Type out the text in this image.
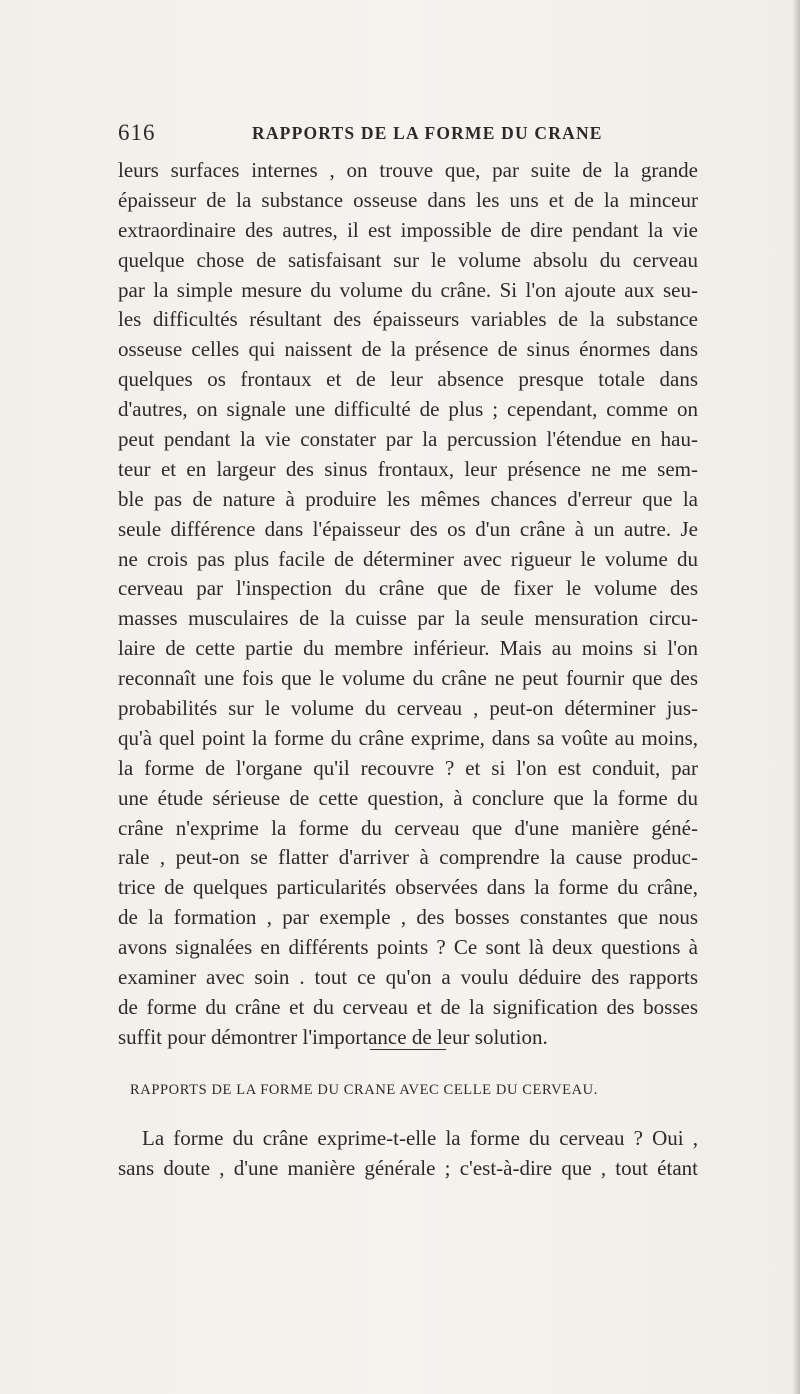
616	RAPPORTS DE LA FORME DU CRANE
leurs surfaces internes , on trouve que, par suite de la grande
épaisseur de la substance osseuse dans les uns et de la minceur
extraordinaire des autres, il est impossible de dire pendant la vie
quelque chose de satisfaisant sur le volume absolu du cerveau
par la simple mesure du volume du crâne. Si l'on ajoute aux seu-
les difficultés résultant des épaisseurs variables de la substance
osseuse celles qui naissent de la présence de sinus énormes dans
quelques os frontaux et de leur absence presque totale dans
d'autres, on signale une difficulté de plus ; cependant, comme on
peut pendant la vie constater par la percussion l'étendue en hau-
teur et en largeur des sinus frontaux, leur présence ne me sem-
ble pas de nature à produire les mêmes chances d'erreur que la
seule différence dans l'épaisseur des os d'un crâne à un autre. Je
ne crois pas plus facile de déterminer avec rigueur le volume du
cerveau par l'inspection du crâne que de fixer le volume des
masses musculaires de la cuisse par la seule mensuration circu-
laire de cette partie du membre inférieur. Mais au moins si l'on
reconnaît une fois que le volume du crâne ne peut fournir que des
probabilités sur le volume du cerveau , peut-on déterminer jus-
qu'à quel point la forme du crâne exprime, dans sa voûte au moins,
la forme de l'organe qu'il recouvre ? et si l'on est conduit, par
une étude sérieuse de cette question, à conclure que la forme du
crâne n'exprime la forme du cerveau que d'une manière géné-
rale , peut-on se flatter d'arriver à comprendre la cause produc-
trice de quelques particularités observées dans la forme du crâne,
de la formation , par exemple , des bosses constantes que nous
avons signalées en différents points ? Ce sont là deux questions à
examiner avec soin . tout ce qu'on a voulu déduire des rapports
de forme du crâne et du cerveau et de la signification des bosses
suffit pour démontrer l'importance de leur solution.
RAPPORTS DE LA FORME DU CRANE AVEC CELLE DU CERVEAU.
La forme du crâne exprime-t-elle la forme du cerveau ? Oui ,
sans doute , d'une manière générale ; c'est-à-dire que , tout étant
